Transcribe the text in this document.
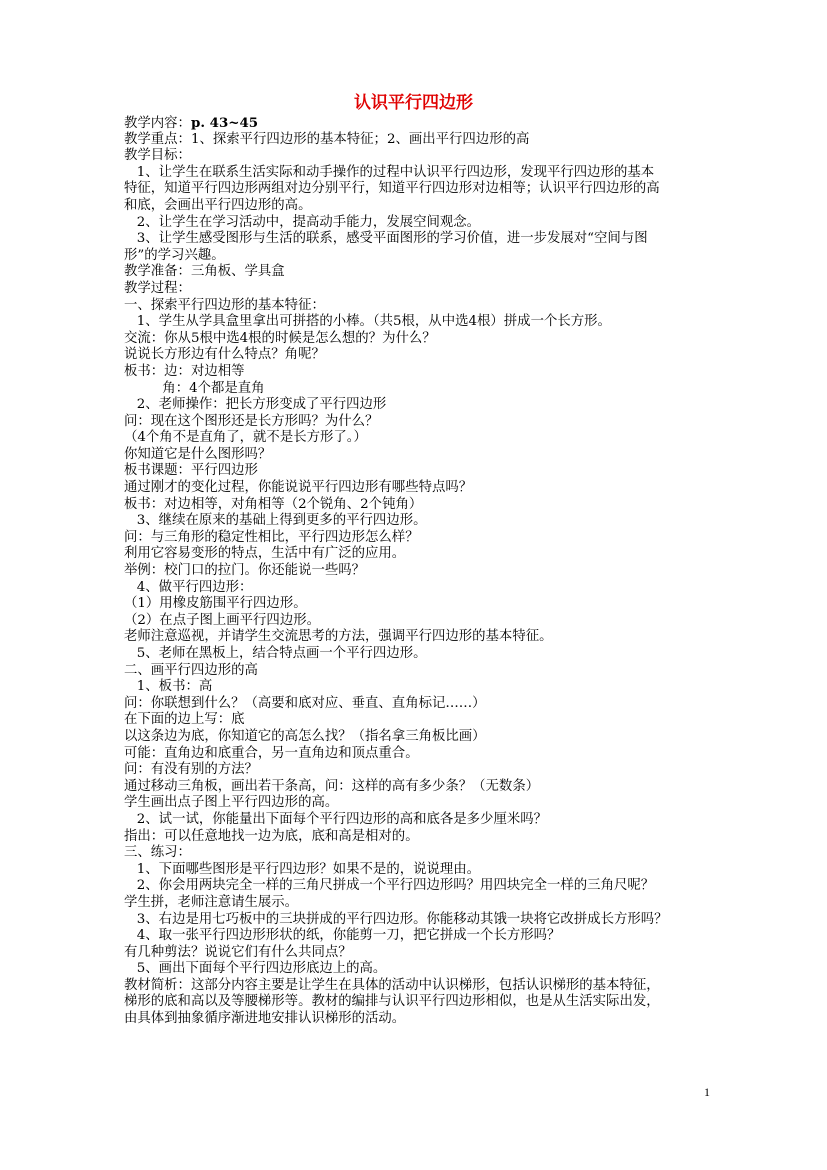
认识平行四边形
教学内容：p. 43~45
教学重点：1、探索平行四边形的基本特征；2、画出平行四边形的高
教学目标：
1、让学生在联系生活实际和动手操作的过程中认识平行四边形，发现平行四边形的基本
特征，知道平行四边形两组对边分别平行，知道平行四边形对边相等；认识平行四边形的高
和底，会画出平行四边形的高。
2、让学生在学习活动中，提高动手能力，发展空间观念。
3、让学生感受图形与生活的联系，感受平面图形的学习价值，进一步发展对“空间与图
形”的学习兴趣。
教学准备：三角板、学具盒
教学过程：
一、探索平行四边形的基本特征：
1、学生从学具盒里拿出可拼搭的小棒。（共5根，从中选4根）拼成一个长方形。
交流：你从5根中选4根的时候是怎么想的？为什么？
说说长方形边有什么特点？角呢？
板书：边：对边相等
角：4个都是直角
2、老师操作：把长方形变成了平行四边形
问：现在这个图形还是长方形吗？为什么？
（4个角不是直角了，就不是长方形了。）
你知道它是什么图形吗？
板书课题：平行四边形
通过刚才的变化过程，你能说说平行四边形有哪些特点吗？
板书：对边相等，对角相等（2个锐角、2个钝角）
3、继续在原来的基础上得到更多的平行四边形。
问：与三角形的稳定性相比，平行四边形怎么样？
利用它容易变形的特点，生活中有广泛的应用。
举例：校门口的拉门。你还能说一些吗？
4、做平行四边形：
（1）用橡皮筋围平行四边形。
（2）在点子图上画平行四边形。
老师注意巡视，并请学生交流思考的方法，强调平行四边形的基本特征。
5、老师在黑板上，结合特点画一个平行四边形。
二、画平行四边形的高
1、板书：高
问：你联想到什么？（高要和底对应、垂直、直角标记……）
在下面的边上写：底
以这条边为底，你知道它的高怎么找？（指名拿三角板比画）
可能：直角边和底重合，另一直角边和顶点重合。
问：有没有别的方法？
通过移动三角板，画出若干条高，问：这样的高有多少条？（无数条）
学生画出点子图上平行四边形的高。
2、试一试，你能量出下面每个平行四边形的高和底各是多少厘米吗？
指出：可以任意地找一边为底，底和高是相对的。
三、练习：
1、下面哪些图形是平行四边形？如果不是的，说说理由。
2、你会用两块完全一样的三角尺拼成一个平行四边形吗？用四块完全一样的三角尺呢？
学生拼，老师注意请生展示。
3、右边是用七巧板中的三块拼成的平行四边形。你能移动其饿一块将它改拼成长方形吗？
4、取一张平行四边形形状的纸，你能剪一刀，把它拼成一个长方形吗？
有几种剪法？说说它们有什么共同点？
5、画出下面每个平行四边形底边上的高。
教材简析：这部分内容主要是让学生在具体的活动中认识梯形，包括认识梯形的基本特征，
梯形的底和高以及等腰梯形等。教材的编排与认识平行四边形相似，也是从生活实际出发，
由具体到抽象循序渐进地安排认识梯形的活动。
1
